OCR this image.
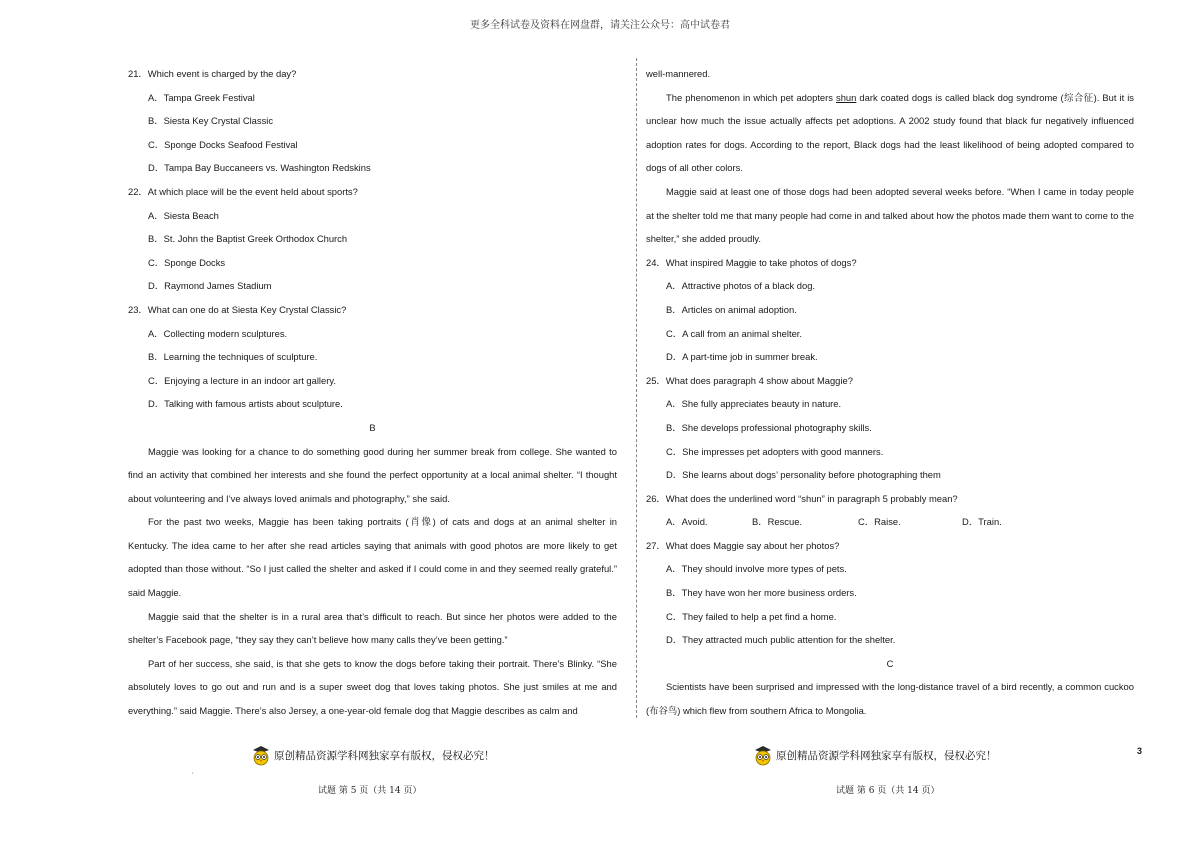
更多全科试卷及资料在网盘群，请关注公众号：高中试卷君

21．Which event is charged by the day?

A．Tampa Greek Festival

B．Siesta Key Crystal Classic

C．Sponge Docks Seafood Festival

D．Tampa Bay Buccaneers vs. Washington Redskins

22．At which place will be the event held about sports?

A．Siesta Beach

B．St. John the Baptist Greek Orthodox Church

C．Sponge Docks

D．Raymond James Stadium

23．What can one do at Siesta Key Crystal Classic?

A．Collecting modern sculptures.

B．Learning the techniques of sculpture.

C．Enjoying a lecture in an indoor art gallery.

D．Talking with famous artists about sculpture.

B

Maggie was looking for a chance to do something good during her summer break from college. She wanted to find an activity that combined her interests and she found the perfect opportunity at a local animal shelter. “I thought about volunteering and I’ve always loved animals and photography,” she said.

For the past two weeks, Maggie has been taking portraits (肖像) of cats and dogs at an animal shelter in Kentucky. The idea came to her after she read articles saying that animals with good photos are more likely to get adopted than those without. “So I just called the shelter and asked if I could come in and they seemed really grateful.” said Maggie.

Maggie said that the shelter is in a rural area that’s difficult to reach. But since her photos were added to the shelter’s Facebook page, “they say they can’t believe how many calls they’ve been getting.”

Part of her success, she said, is that she gets to know the dogs before taking their portrait. There’s Blinky. “She absolutely loves to go out and run and is a super sweet dog that loves taking photos. She just smiles at me and everything.” said Maggie. There’s also Jersey, a one-year-old female dog that Maggie describes as calm and

well-mannered.

The phenomenon in which pet adopters shun dark coated dogs is called black dog syndrome (综合征). But it is unclear how much the issue actually affects pet adoptions. A 2002 study found that black fur negatively influenced adoption rates for dogs. According to the report, Black dogs had the least likelihood of being adopted compared to dogs of all other colors.

Maggie said at least one of those dogs had been adopted several weeks before. “When I came in today people at the shelter told me that many people had come in and talked about how the photos made them want to come to the shelter,” she added proudly.

24．What inspired Maggie to take photos of dogs?

A．Attractive photos of a black dog.

B．Articles on animal adoption.

C．A call from an animal shelter.

D．A part-time job in summer break.

25．What does paragraph 4 show about Maggie?

A．She fully appreciates beauty in nature.

B．She develops professional photography skills.

C．She impresses pet adopters with good manners.

D．She learns about dogs’ personality before photographing them

26．What does the underlined word “shun” in paragraph 5 probably mean?

A．Avoid.	B．Rescue.	C．Raise.	D．Train.

27．What does Maggie say about her photos?

A．They should involve more types of pets.

B．They have won her more business orders.

C．They failed to help a pet find a home.

D．They attracted much public attention for the shelter.

C

Scientists have been surprised and impressed with the long-distance travel of a bird recently, a common cuckoo (布谷鸟) which flew from southern Africa to Mongolia.

原创精品资源学科网独家享有版权，侵权必究！	原创精品资源学科网独家享有版权，侵权必究！	3
'
试题 第 5 页（共 14 页）	试题 第 6 页（共 14 页）
